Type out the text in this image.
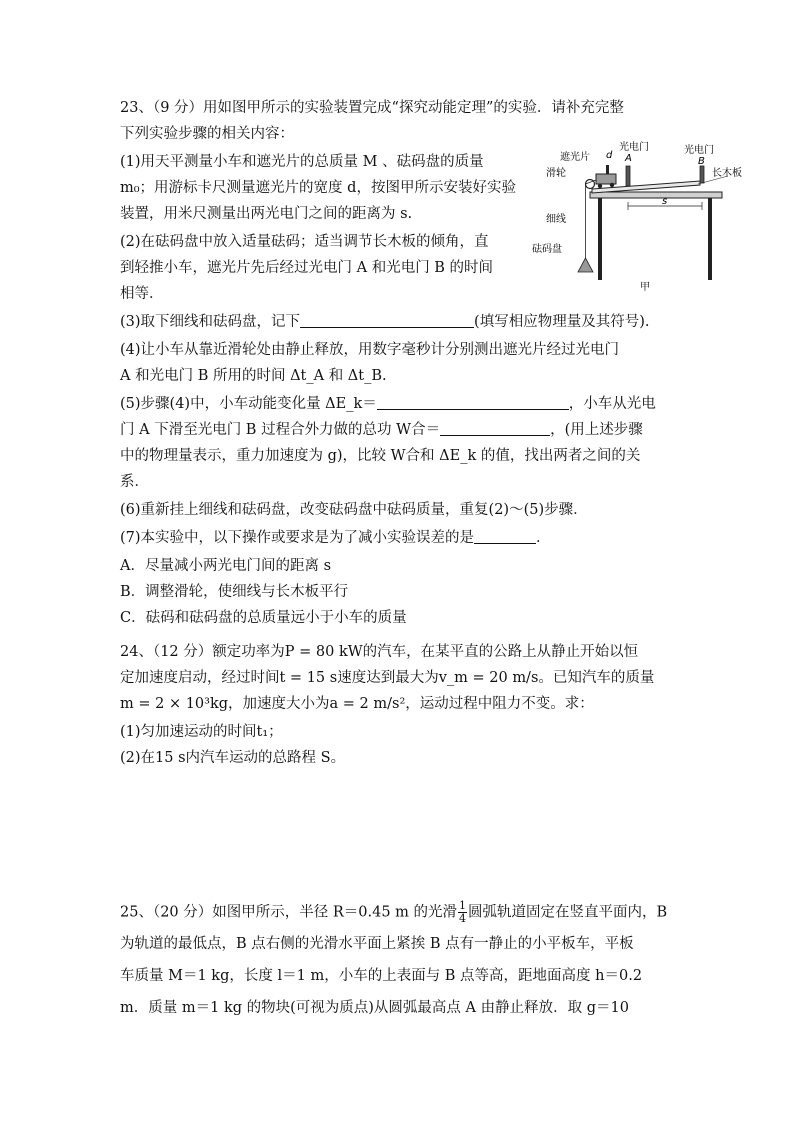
23、（9 分）用如图甲所示的实验装置完成“探究动能定理”的实验．请补充完整
下列实验步骤的相关内容：
(1)用天平测量小车和遮光片的总质量 M 、砝码盘的质量
m₀；用游标卡尺测量遮光片的宽度 d，按图甲所示安装好实验
装置，用米尺测量出两光电门之间的距离为 s.
(2)在砝码盘中放入适量砝码；适当调节长木板的倾角，直
到轻推小车，遮光片先后经过光电门 A 和光电门 B 的时间
相等．
(3)取下细线和砝码盘，记下	(填写相应物理量及其符号).
(4)让小车从靠近滑轮处由静止释放，用数字毫秒计分别测出遮光片经过光电门
A 和光电门 B 所用的时间 Δt_A 和 Δt_B.
(5)步骤(4)中，小车动能变化量 ΔE_k＝	，小车从光电
门 A 下滑至光电门 B 过程合外力做的总功 W合＝	，(用上述步骤
中的物理量表示，重力加速度为 g)，比较 W合和 ΔE_k 的值，找出两者之间的关
系．
(6)重新挂上细线和砝码盘，改变砝码盘中砝码质量，重复(2)～(5)步骤．
(7)本实验中，以下操作或要求是为了减小实验误差的是	．
A．尽量减小两光电门间的距离 s
B．调整滑轮，使细线与长木板平行
C．砝码和砝码盘的总质量远小于小车的质量
遮光片 d
光电门
A
光电门
B
滑轮	长木板
s
细线
砝码盘
甲
24、（12 分）额定功率为P = 80 kW的汽车，在某平直的公路上从静止开始以恒
定加速度启动，经过时间t = 15 s速度达到最大为v_m = 20 m/s。已知汽车的质量
m = 2 × 10³kg，加速度大小为a = 2 m/s²，运动过程中阻力不变。求：
(1)匀加速运动的时间t₁；
(2)在15 s内汽车运动的总路程 S。
25、（20 分）如图甲所示，半径 R＝0.45 m 的光滑 $\frac{1}{4}$ 圆弧轨道固定在竖直平面内，B
为轨道的最低点，B 点右侧的光滑水平面上紧挨 B 点有一静止的小平板车，平板
车质量 M＝1 kg，长度 l＝1 m，小车的上表面与 B 点等高，距地面高度 h＝0.2
m．质量 m＝1 kg 的物块(可视为质点)从圆弧最高点 A 由静止释放．取 g＝10
